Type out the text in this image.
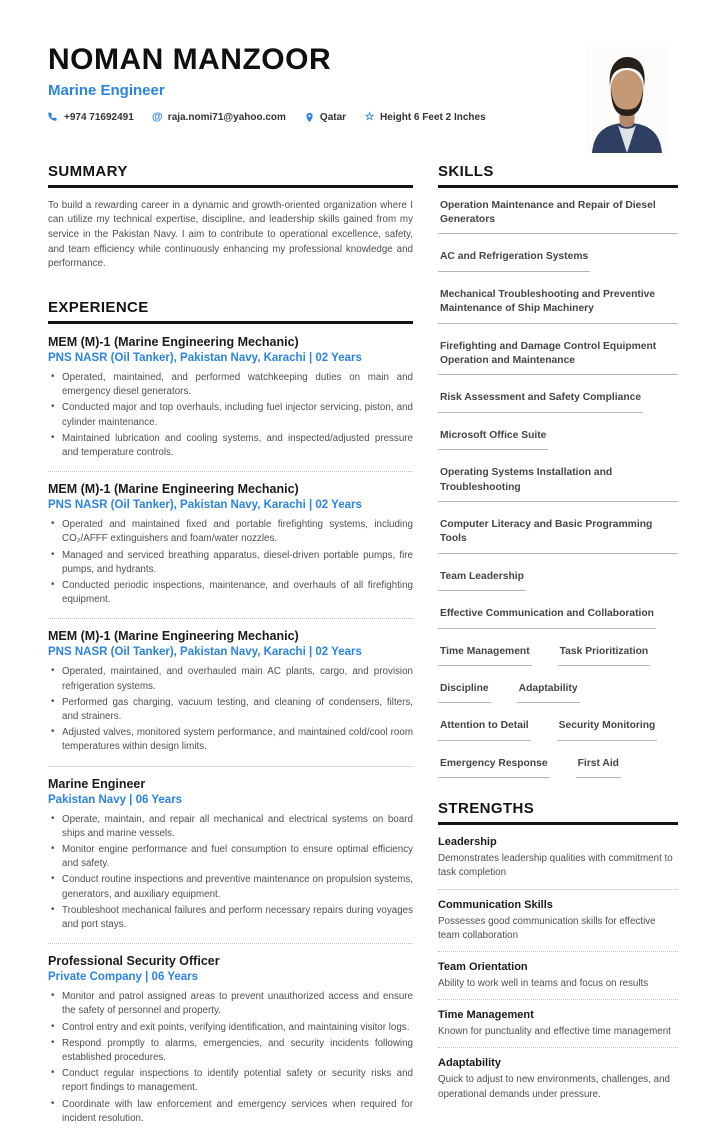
NOMAN MANZOOR
Marine Engineer
+974 71692491 @ raja.nomi71@yahoo.com	Qatar ☆ Height 6 Feet 2 Inches
SUMMARY

To build a rewarding career in a dynamic and growth-oriented organization where I can utilize my technical expertise, discipline, and leadership skills gained from my service in the Pakistan Navy. I aim to contribute to operational excellence, safety, and team efficiency while continuously enhancing my professional knowledge and performance.

EXPERIENCE
MEM (M)-1 (Marine Engineering Mechanic)
PNS NASR (Oil Tanker), Pakistan Navy, Karachi | 02 Years
• Operated, maintained, and performed watchkeeping duties on main and emergency diesel generators.
• Conducted major and top overhauls, including fuel injector servicing, piston, and cylinder maintenance.
• Maintained lubrication and cooling systems, and inspected/adjusted pressure and temperature controls.
MEM (M)-1 (Marine Engineering Mechanic)
PNS NASR (Oil Tanker), Pakistan Navy, Karachi | 02 Years
• Operated and maintained fixed and portable firefighting systems, including CO₂/AFFF extinguishers and foam/water nozzles.
• Managed and serviced breathing apparatus, diesel-driven portable pumps, fire pumps, and hydrants.
• Conducted periodic inspections, maintenance, and overhauls of all firefighting equipment.
MEM (M)-1 (Marine Engineering Mechanic)
PNS NASR (Oil Tanker), Pakistan Navy, Karachi | 02 Years
• Operated, maintained, and overhauled main AC plants, cargo, and provision refrigeration systems.
• Performed gas charging, vacuum testing, and cleaning of condensers, filters, and strainers.
• Adjusted valves, monitored system performance, and maintained cold/cool room temperatures within design limits.
Marine Engineer
Pakistan Navy | 06 Years
• Operate, maintain, and repair all mechanical and electrical systems on board ships and marine vessels.
• Monitor engine performance and fuel consumption to ensure optimal efficiency and safety.
• Conduct routine inspections and preventive maintenance on propulsion systems, generators, and auxiliary equipment.
• Troubleshoot mechanical failures and perform necessary repairs during voyages and port stays.
Professional Security Officer
Private Company | 06 Years
• Monitor and patrol assigned areas to prevent unauthorized access and ensure the safety of personnel and property.
• Control entry and exit points, verifying identification, and maintaining visitor logs.
• Respond promptly to alarms, emergencies, and security incidents following established procedures.
• Conduct regular inspections to identify potential safety or security risks and report findings to management.
• Coordinate with law enforcement and emergency services when required for incident resolution.
SKILLS
Operation Maintenance and Repair of Diesel Generators
AC and Refrigeration Systems
Mechanical Troubleshooting and Preventive Maintenance of Ship Machinery
Firefighting and Damage Control Equipment Operation and Maintenance
Risk Assessment and Safety Compliance
Microsoft Office Suite
Operating Systems Installation and Troubleshooting
Computer Literacy and Basic Programming Tools
Team Leadership
Effective Communication and Collaboration
Time Management	Task Prioritization
Discipline	Adaptability
Attention to Detail	Security Monitoring
Emergency Response	First Aid
STRENGTHS
Leadership

Demonstrates leadership qualities with commitment to task completion

Communication Skills

Possesses good communication skills for effective team collaboration

Team Orientation

Ability to work well in teams and focus on results

Time Management

Known for punctuality and effective time management

Adaptability

Quick to adjust to new environments, challenges, and operational demands under pressure.
